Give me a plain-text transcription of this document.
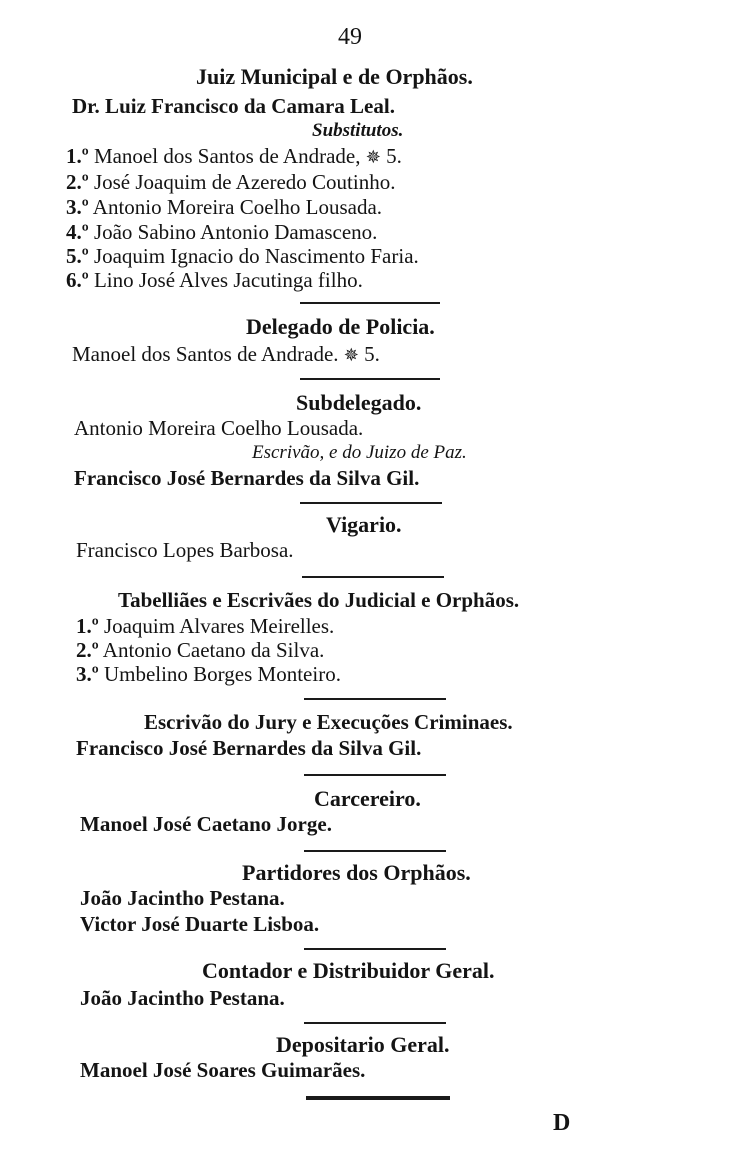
49
Juiz Municipal e de Orphãos.
Dr. Luiz Francisco da Camara Leal.
Substitutos.
1.º Manoel dos Santos de Andrade, ✵ 5.
2.º José Joaquim de Azeredo Coutinho.
3.º Antonio Moreira Coelho Lousada.
4.º João Sabino Antonio Damasceno.
5.º Joaquim Ignacio do Nascimento Faria.
6.º Lino José Alves Jacutinga filho.
Delegado de Policia.
Manoel dos Santos de Andrade. ✵ 5.
Subdelegado.
Antonio Moreira Coelho Lousada.
Escrivão, e do Juizo de Paz.
Francisco José Bernardes da Silva Gil.
Vigario.
Francisco Lopes Barbosa.
Tabelliães e Escrivães do Judicial e Orphãos.
1.º Joaquim Alvares Meirelles.
2.º Antonio Caetano da Silva.
3.º Umbelino Borges Monteiro.
Escrivão do Jury e Execuções Criminaes.
Francisco José Bernardes da Silva Gil.
Carcereiro.
Manoel José Caetano Jorge.
Partidores dos Orphãos.
João Jacintho Pestana.
Victor José Duarte Lisboa.
Contador e Distribuidor Geral.
João Jacintho Pestana.
Depositario Geral.
Manoel José Soares Guimarães.
D
